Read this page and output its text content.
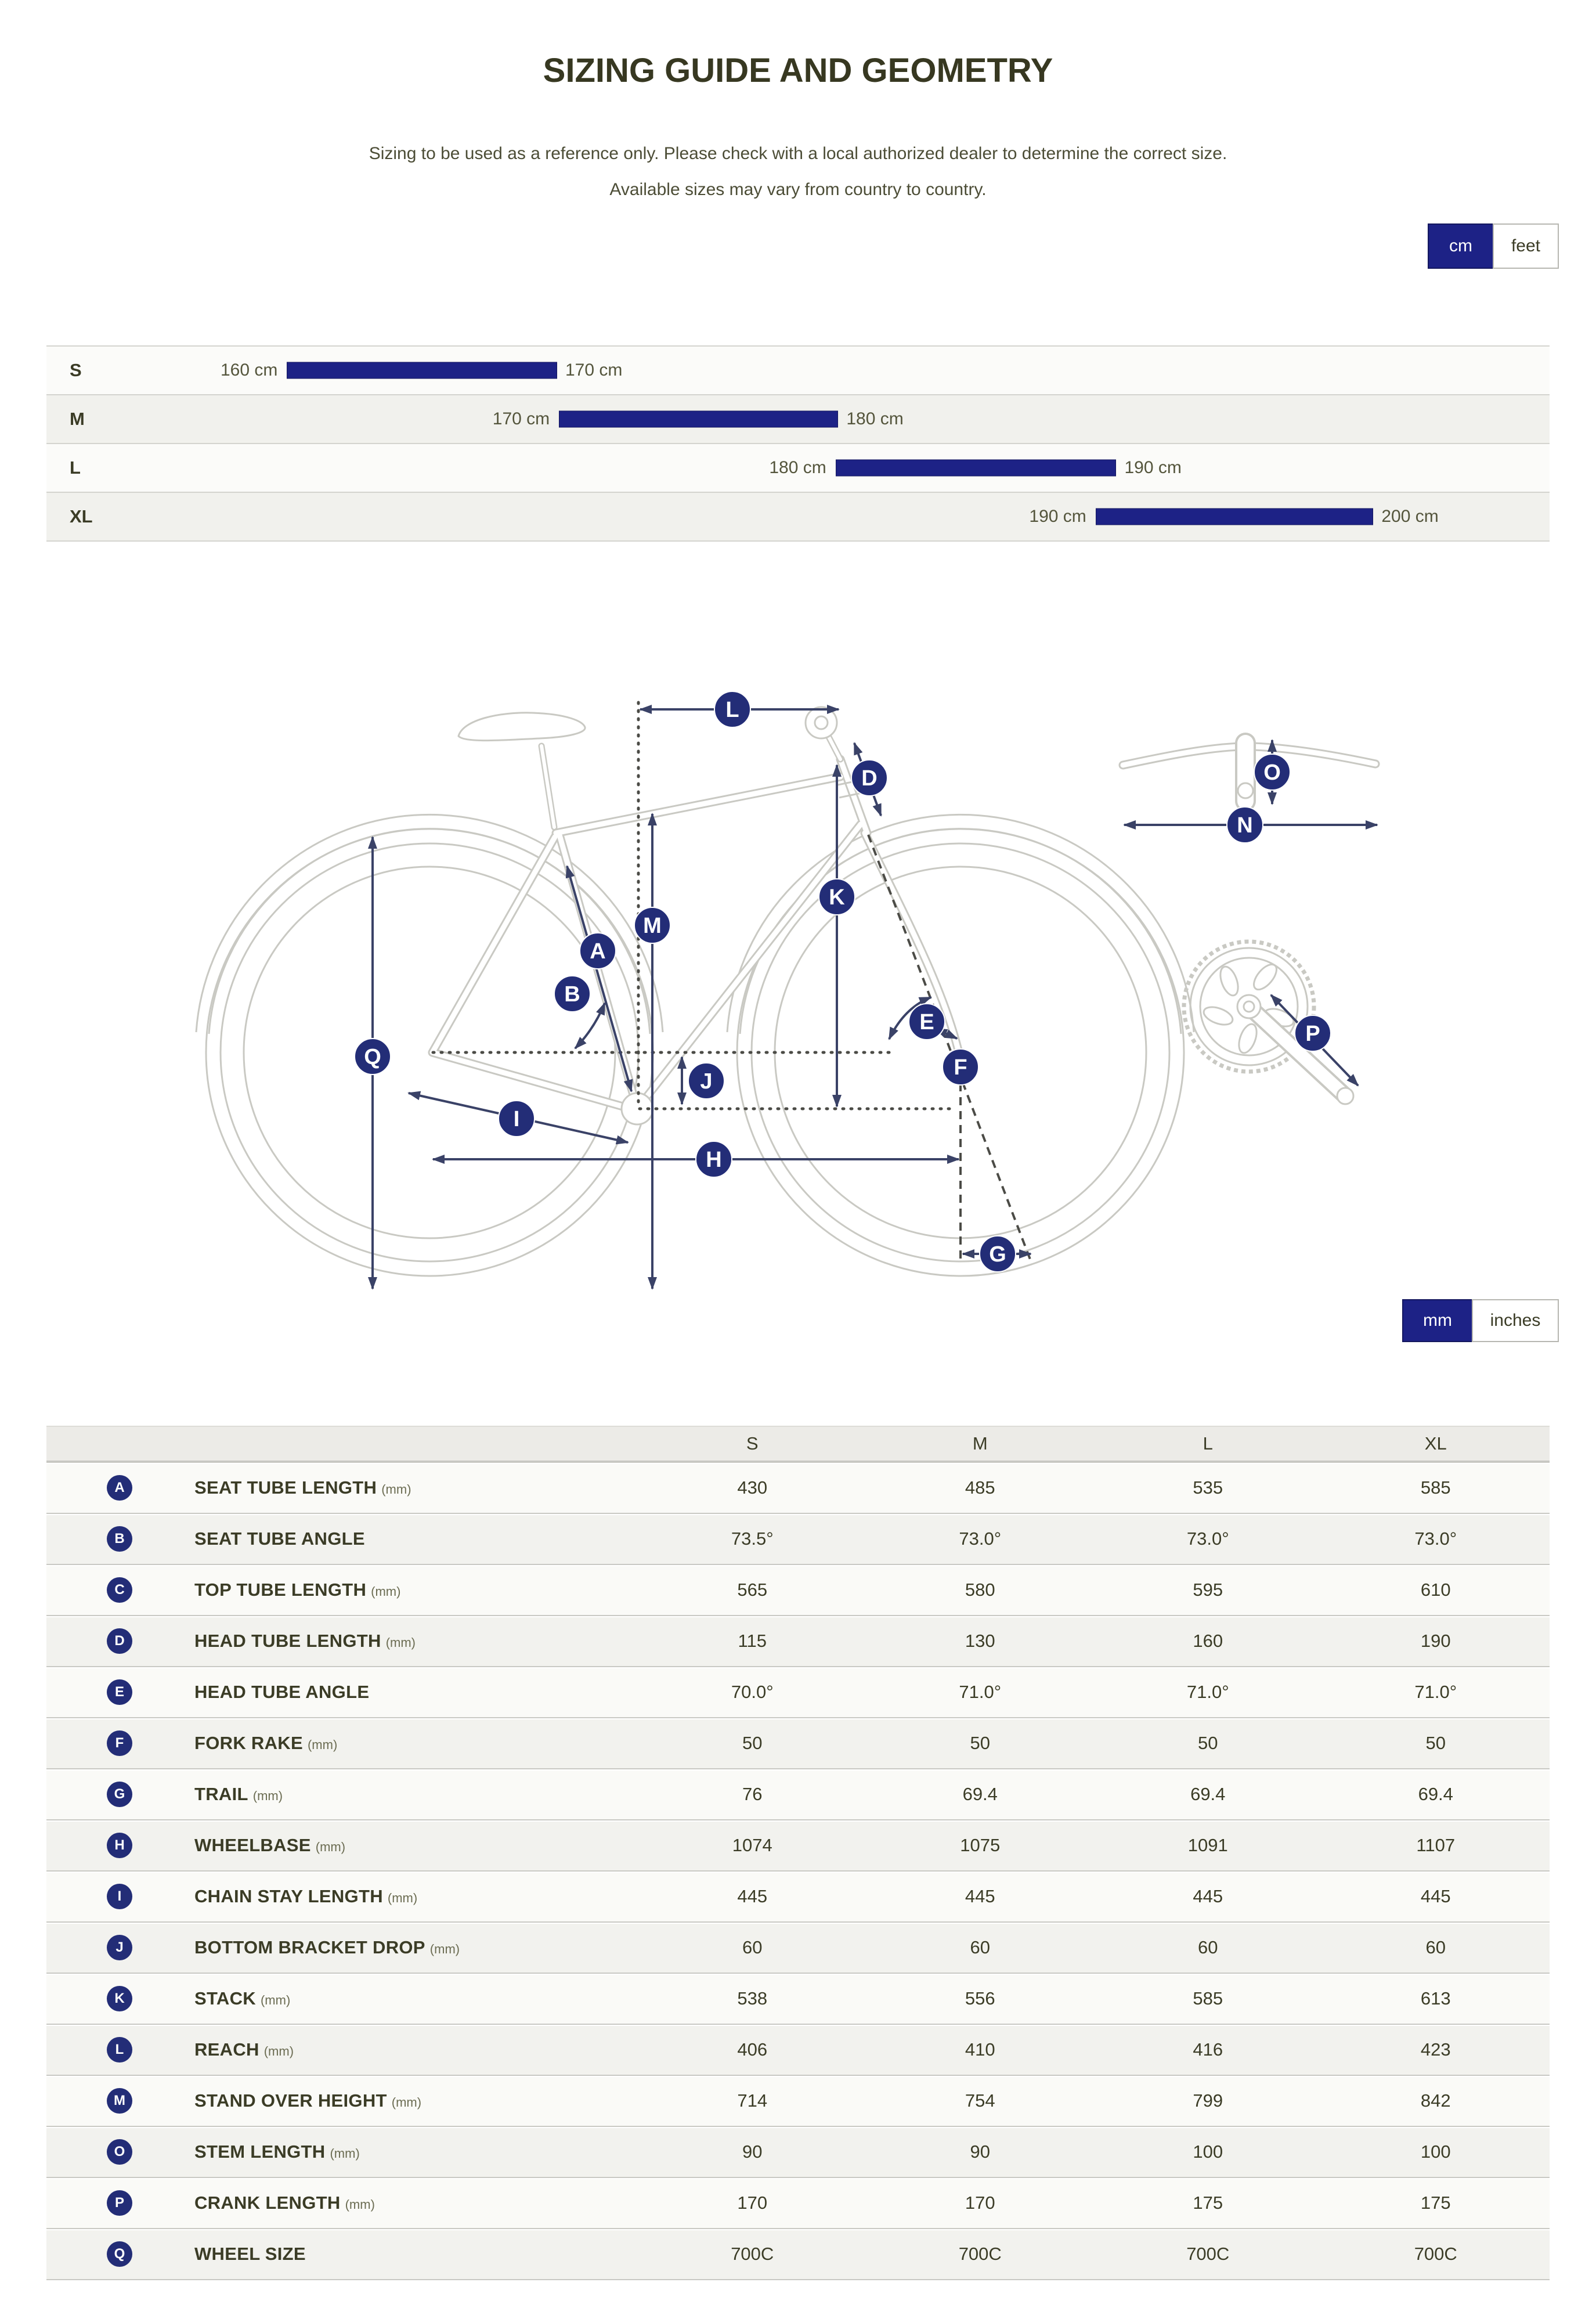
SIZING GUIDE AND GEOMETRY
Sizing to be used as a reference only. Please check with a local authorized dealer to determine the correct size.
Available sizes may vary from country to country.
cm	feet
S	160 cm	170 cm
M	170 cm	180 cm
L	180 cm	190 cm
XL	190 cm	200 cm
L
D
K
M
A
B
Q
J
I
H
E
F
G
O
N
P
mm	inches
S	M	L	XL
A	SEAT TUBE LENGTH (mm)	430	485	535	585
B	SEAT TUBE ANGLE	73.5°	73.0°	73.0°	73.0°
C	TOP TUBE LENGTH (mm)	565	580	595	610
D	HEAD TUBE LENGTH (mm)	115	130	160	190
E	HEAD TUBE ANGLE	70.0°	71.0°	71.0°	71.0°
F	FORK RAKE (mm)	50	50	50	50
G	TRAIL (mm)	76	69.4	69.4	69.4
H	WHEELBASE (mm)	1074	1075	1091	1107
I	CHAIN STAY LENGTH (mm)	445	445	445	445
J	BOTTOM BRACKET DROP (mm)	60	60	60	60
K	STACK (mm)	538	556	585	613
L	REACH (mm)	406	410	416	423
M	STAND OVER HEIGHT (mm)	714	754	799	842
O	STEM LENGTH (mm)	90	90	100	100
P	CRANK LENGTH (mm)	170	170	175	175
Q	WHEEL SIZE	700C	700C	700C	700C
